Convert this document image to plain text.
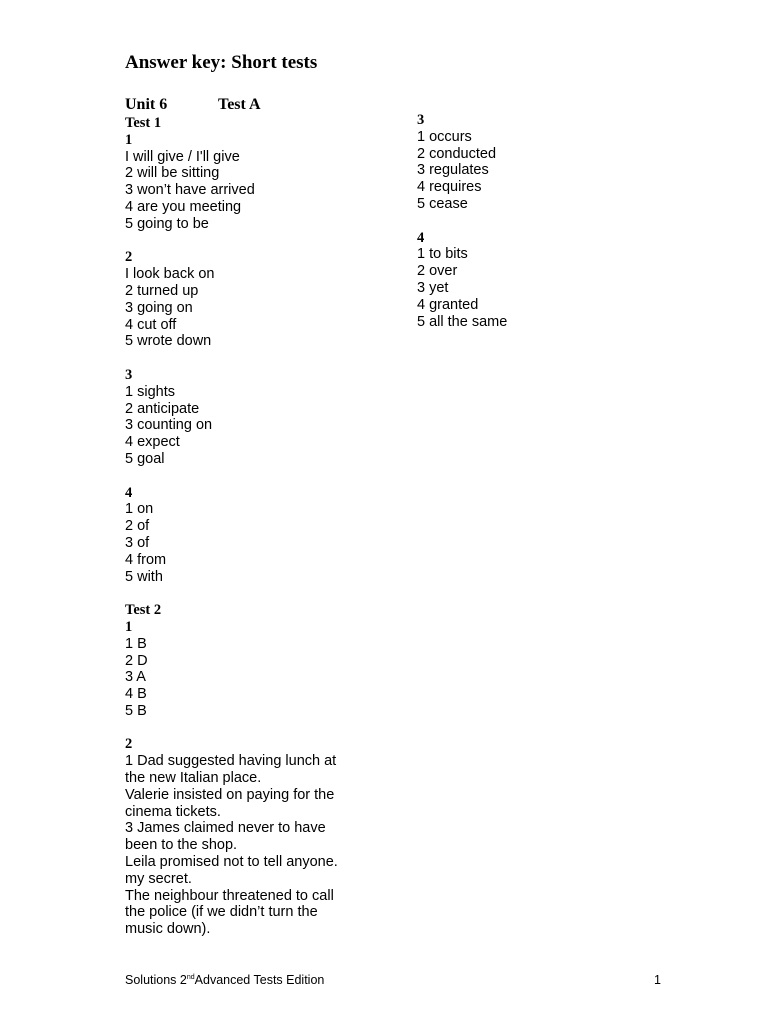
Answer key: Short tests
Unit 6	Test A
Test 1
1
I will give / I'll give
2 will be sitting
3 won’t have arrived
4 are you meeting
5 going to be
2
I look back on
2 turned up
3 going on
4 cut off
5 wrote down
3
1 sights
2 anticipate
3 counting on
4 expect
5 goal
4
1 on
2 of
3 of
4 from
5 with
Test 2
1
1 B
2 D
3 A
4 B
5 B
2
1 Dad suggested having lunch at
the new Italian place.
Valerie insisted on paying for the
cinema tickets.
3 James claimed never to have
been to the shop.
Leila promised not to tell anyone.
my secret.
The neighbour threatened to call
the police (if we didn’t turn the
music down).
3
1 occurs
2 conducted
3 regulates
4 requires
5 cease
4
1 to bits
2 over
3 yet
4 granted
5 all the same
Solutions 2ndAdvanced Tests Edition	1
